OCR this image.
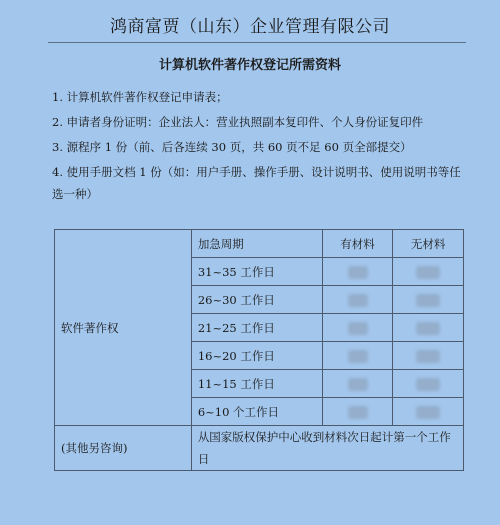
鸿商富贾（山东）企业管理有限公司
计算机软件著作权登记所需资料
1. 计算机软件著作权登记申请表；
2. 申请者身份证明：企业法人：营业执照副本复印件、个人身份证复印件
3. 源程序 1 份（前、后各连续 30 页，共 60 页不足 60 页全部提交）
4. 使用手册文档 1 份（如：用户手册、操作手册、设计说明书、使用说明书等任选一种）
软件著作权	加急周期	有材料	无材料
	31~35 工作日		
	26~30 工作日		
	21~25 工作日		
	16~20 工作日		
	11~15 工作日		
	6~10 个工作日		
(其他另咨询)	从国家版权保护中心收到材料次日起计第一个工作日		
